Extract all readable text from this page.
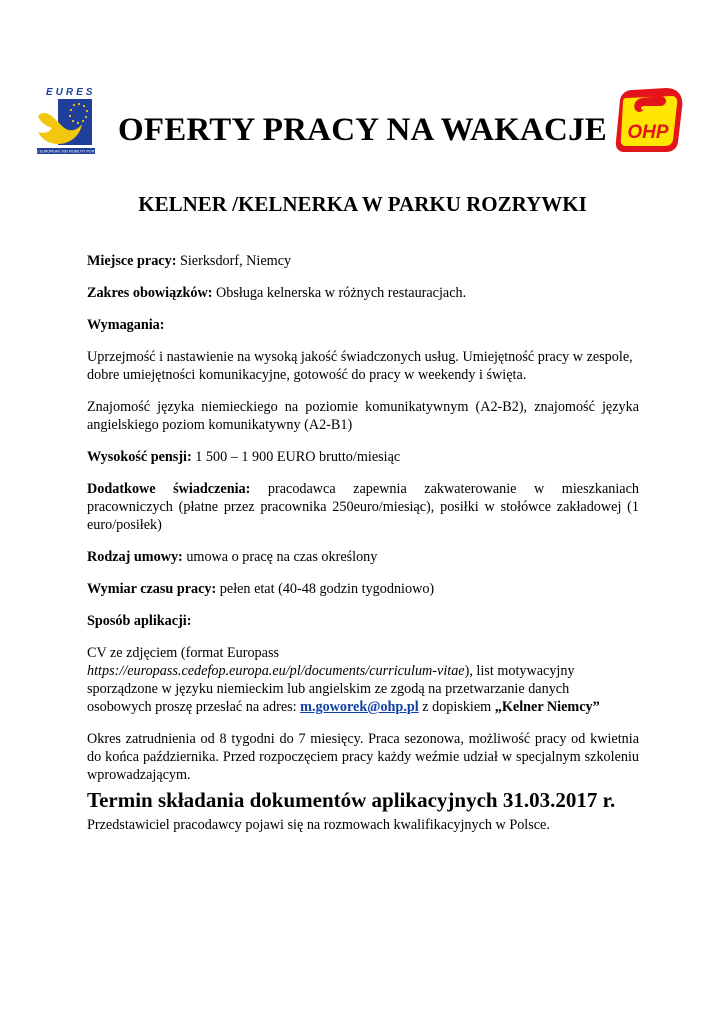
EURES
THE EUROPEAN JOB MOBILITY PORTAL
OHP
OFERTY PRACY NA WAKACJE
KELNER /KELNERKA W PARKU ROZRYWKI

Miejsce pracy: Sierksdorf, Niemcy

Zakres obowiązków: Obsługa kelnerska w różnych restauracjach.

Wymagania:

Uprzejmość i nastawienie na wysoką jakość świadczonych usług. Umiejętność pracy w zespole, dobre umiejętności komunikacyjne, gotowość do pracy w weekendy i święta.

Znajomość języka niemieckiego na poziomie komunikatywnym (A2-B2), znajomość języka angielskiego poziom komunikatywny (A2-B1)

Wysokość pensji: 1 500 – 1 900 EURO brutto/miesiąc

Dodatkowe świadczenia: pracodawca zapewnia zakwaterowanie w mieszkaniach pracowniczych (płatne przez pracownika 250euro/miesiąc), posiłki w stołówce zakładowej (1 euro/posiłek)

Rodzaj umowy: umowa o pracę na czas określony

Wymiar czasu pracy: pełen etat (40-48 godzin tygodniowo)

Sposób aplikacji:

CV ze zdjęciem (format Europass
https://europass.cedefop.europa.eu/pl/documents/curriculum-vitae), list motywacyjny
sporządzone w języku niemieckim lub angielskim ze zgodą na przetwarzanie danych
osobowych proszę przesłać na adres: m.goworek@ohp.pl z dopiskiem „Kelner Niemcy”

Okres zatrudnienia od 8 tygodni do 7 miesięcy. Praca sezonowa, możliwość pracy od kwietnia do końca października. Przed rozpoczęciem pracy każdy weźmie udział w specjalnym szkoleniu wprowadzającym.

Przedstawiciel pracodawcy pojawi się na rozmowach kwalifikacyjnych w Polsce.

Termin składania dokumentów aplikacyjnych 31.03.2017 r.
